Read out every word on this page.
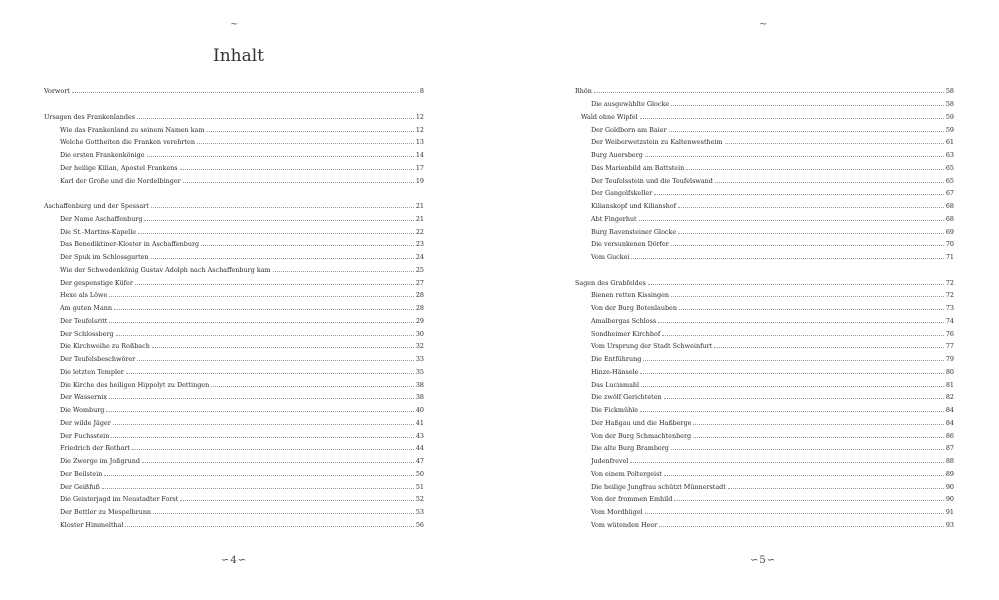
~
Inhalt
Vorwort	8
Ursagen des Frankenlandes	12
Wie das Frankenland zu seinem Namen kam	12
Welche Gottheiten die Franken verehrten	13
Die ersten Frankenkönige	14
Der heilige Kilian, Apostel Frankens	17
Karl der Große und die Nordelbinger	19
Aschaffenburg und der Spessart	21
Der Name Aschaffenburg	21
Die St.-Martins-Kapelle	22
Das Benediktiner-Kloster in Aschaffenburg	23
Der Spuk im Schlossgarten	24
Wie der Schwedenkönig Gustav Adolph nach Aschaffenburg kam	25
Der gespenstige Küfer	27
Hexe als Löwe	28
Am guten Mann	28
Der Teufelsritt	29
Der Schlossberg	30
Die Kirchweihe zu Roßbach	32
Der Teufelsbeschwörer	33
Die letzten Templer	35
Die Kirche des heiligen Hippolyt zu Dettingen	38
Der Wassernix	38
Die Womburg	40
Der wilde Jäger	41
Der Fuchsstein	43
Friedrich der Rothart	44
Die Zwerge im Joßgrund	47
Der Beilstein	50
Der Geißfuß	51
Die Geisterjagd im Neustadter Forst	52
Der Bettler zu Mespelbrunn	53
Kloster Himmelthal	56
∽4∽
~
Rhön	58
Die ausgewählte Glocke	58
Wald ohne Wipfel	59
Der Goldborn am Baier	59
Der Weiberwetzstein zu Kaltenwestheim	61
Burg Auersberg	63
Das Marienbild am Battstein	65
Der Teufelsstein und die Teufelswand	65
Der Gangolfskeller	67
Kilianskopf und Kilianshof	68
Abt Fingerhut	68
Burg Ravensteiner Glocke	69
Die versunkenen Dörfer	70
Vom Guckei	71
Sagen des Grabfeldes	72
Bienen retten Kissingen	72
Von der Burg Botenlauben	73
Amalbergas Schloss	74
Sondheimer Kirchhof	76
Vom Ursprung der Stadt Schweinfurt	77
Die Entführung	79
Hinze-Hänsele	80
Das Luciamahl	81
Die zwölf Gerichteten	82
Die Fickmühle	84
Der Haßgau und die Haßberge	84
Von der Burg Schmachtenberg	86
Die alte Burg Bramberg	87
Judenfrevel	88
Von einem Poltergeist	89
Die heilige Jungfrau schützt Münnerstadt	90
Von der frommen Emhild	90
Vom Mordhügel	91
Vom wütenden Heer	93
∽5∽
